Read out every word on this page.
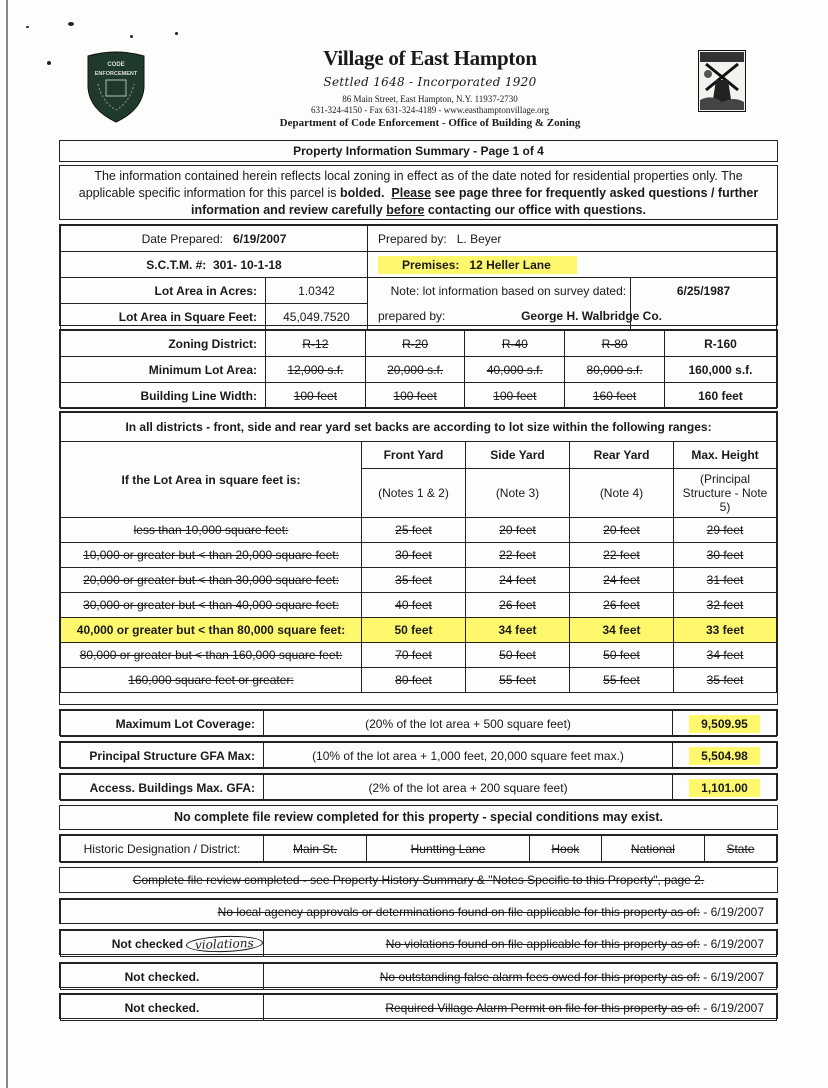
CODE
ENFORCEMENT
Village of East Hampton
Settled 1648 - Incorporated 1920
86 Main Street, East Hampton, N.Y. 11937-2730
631-324-4150 - Fax 631-324-4189 - www.easthamptonvillage.org
Department of Code Enforcement - Office of Building & Zoning
Property Information Summary - Page 1 of 4
The information contained herein reflects local zoning in effect as of the date noted for residential properties only. The applicable specific information for this parcel is bolded. Please see page three for frequently asked questions / further information and review carefully before contacting our office with questions.
Date Prepared: 6/19/2007	Prepared by: L. Beyer
S.C.T.M. #: 301- 10-1-18	Premises: 12 Heller Lane
Lot Area in Acres:	1.0342	Note: lot information based on survey dated:	6/25/1987
Lot Area in Square Feet:	45,049.7520	prepared by:	George H. Walbridge Co.
Zoning District:	R-12	R-20	R-40	R-80	R-160
Minimum Lot Area:	12,000 s.f.	20,000 s.f.	40,000 s.f.	80,000 s.f.	160,000 s.f.
Building Line Width:	100 feet	100 feet	100 feet	160 feet	160 feet
In all districts - front, side and rear yard set backs are according to lot size within the following ranges:				
If the Lot Area in square feet is:	Front Yard	Side Yard	Rear Yard	Max. Height
	(Notes 1 & 2)	(Note 3)	(Note 4)	(Principal Structure - Note 5)
less than 10,000 square feet:	25 feet	20 feet	20 feet	29 feet
10,000 or greater but < than 20,000 square feet:	30 feet	22 feet	22 feet	30 feet
20,000 or greater but < than 30,000 square feet:	35 feet	24 feet	24 feet	31 feet
30,000 or greater but < than 40,000 square feet:	40 feet	26 feet	26 feet	32 feet
40,000 or greater but < than 80,000 square feet:	50 feet	34 feet	34 feet	33 feet
80,000 or greater but < than 160,000 square feet:	70 feet	50 feet	50 feet	34 feet
160,000 square feet or greater:	80 feet	55 feet	55 feet	35 feet
Maximum Lot Coverage:	(20% of the lot area + 500 square feet)	9,509.95
Principal Structure GFA Max:	(10% of the lot area + 1,000 feet, 20,000 square feet max.)	5,504.98
Access. Buildings Max. GFA:	(2% of the lot area + 200 square feet)	1,101.00
No complete file review completed for this property - special conditions may exist.
Historic Designation / District:	Main St.	Huntting Lane	Hook	National	State
Complete file review completed - see Property History Summary & "Notes Specific to this Property", page 2.
No local agency approvals or determinations found on file applicable for this property as of: - 6/19/2007
Not checked violations	No violations found on file applicable for this property as of: - 6/19/2007
Not checked.	No outstanding false alarm fees owed for this property as of: - 6/19/2007
Not checked.	Required Village Alarm Permit on file for this property as of: - 6/19/2007
